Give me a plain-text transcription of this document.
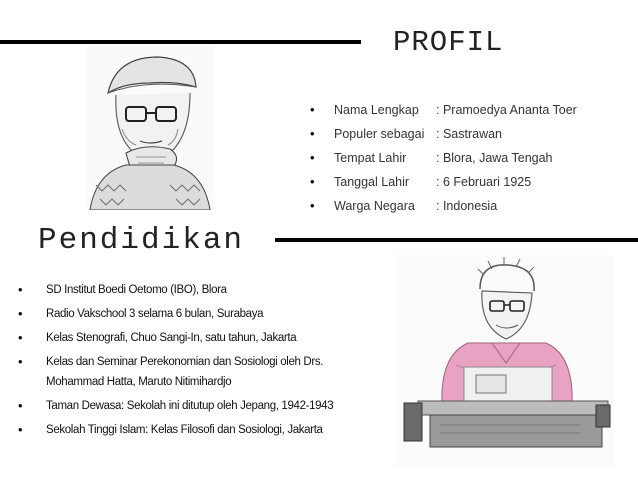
PROFIL
Pendidikan
• Nama Lengkap : Pramoedya Ananta Toer
• Populer sebagai : Sastrawan
• Tempat Lahir : Blora, Jawa Tengah
• Tanggal Lahir : 6 Februari 1925
• Warga Negara : Indonesia
• SD Institut Boedi Oetomo (IBO), Blora
• Radio Vakschool 3 selama 6 bulan, Surabaya
• Kelas Stenografi, Chuo Sangi-In, satu tahun, Jakarta
• Kelas dan Seminar Perekonomian dan Sosiologi oleh Drs. Mohammad Hatta, Maruto Nitimihardjo
• Taman Dewasa: Sekolah ini ditutup oleh Jepang, 1942-1943
• Sekolah Tinggi Islam: Kelas Filosofi dan Sosiologi, Jakarta
